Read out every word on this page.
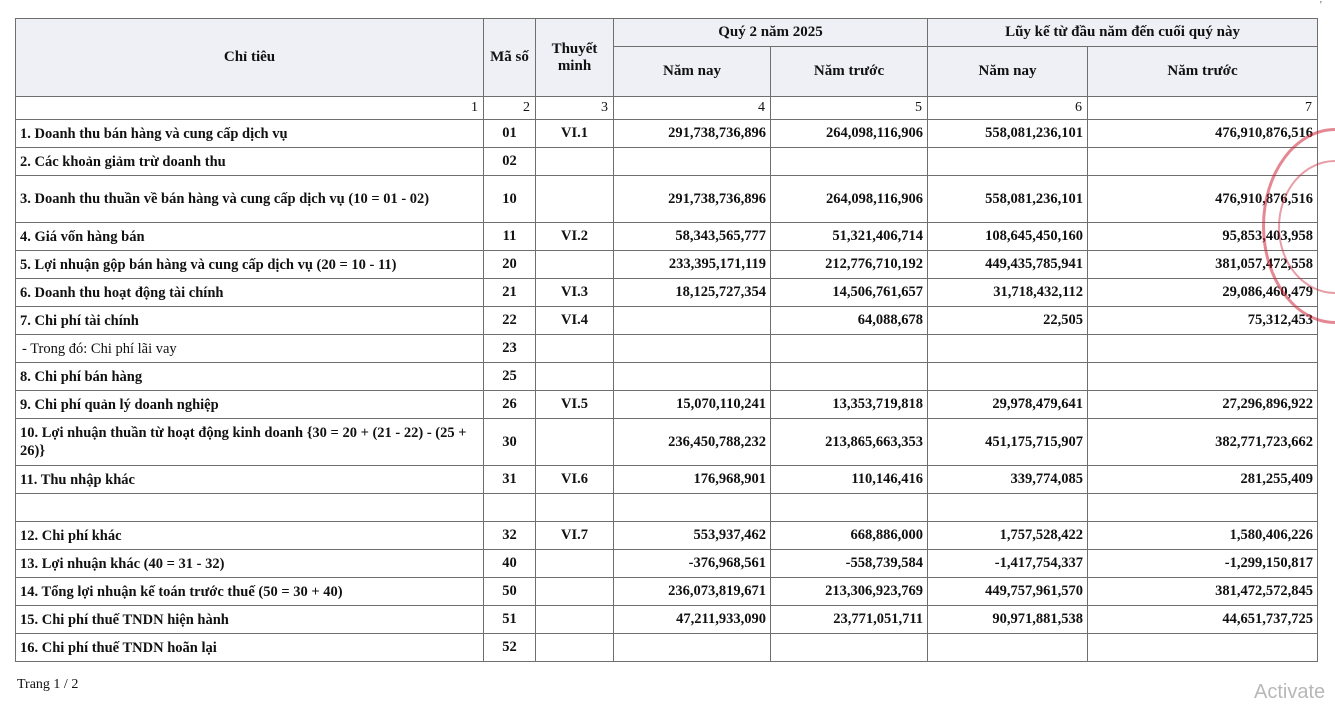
Chỉ tiêu	Mã số	Thuyết minh	Quý 2 năm 2025		Lũy kế từ đầu năm đến cuối quý này	
			Năm nay	Năm trước	Năm nay	Năm trước
1	2	3	4	5	6	7
1. Doanh thu bán hàng và cung cấp dịch vụ	01	VI.1	291,738,736,896	264,098,116,906	558,081,236,101	476,910,876,516
2. Các khoản giảm trừ doanh thu	02					
3. Doanh thu thuần về bán hàng và cung cấp dịch vụ (10 = 01 - 02)	10		291,738,736,896	264,098,116,906	558,081,236,101	476,910,876,516
4. Giá vốn hàng bán	11	VI.2	58,343,565,777	51,321,406,714	108,645,450,160	95,853,403,958
5. Lợi nhuận gộp bán hàng và cung cấp dịch vụ (20 = 10 - 11)	20		233,395,171,119	212,776,710,192	449,435,785,941	381,057,472,558
6. Doanh thu hoạt động tài chính	21	VI.3	18,125,727,354	14,506,761,657	31,718,432,112	29,086,460,479
7. Chi phí tài chính	22	VI.4		64,088,678	22,505	75,312,453
- Trong đó: Chi phí lãi vay	23					
8. Chi phí bán hàng	25					
9. Chi phí quản lý doanh nghiệp	26	VI.5	15,070,110,241	13,353,719,818	29,978,479,641	27,296,896,922
10. Lợi nhuận thuần từ hoạt động kinh doanh {30 = 20 + (21 - 22) - (25 + 26)}	30		236,450,788,232	213,865,663,353	451,175,715,907	382,771,723,662
11. Thu nhập khác	31	VI.6	176,968,901	110,146,416	339,774,085	281,255,409

12. Chi phí khác	32	VI.7	553,937,462	668,886,000	1,757,528,422	1,580,406,226
13. Lợi nhuận khác (40 = 31 - 32)	40		-376,968,561	-558,739,584	-1,417,754,337	-1,299,150,817
14. Tổng lợi nhuận kế toán trước thuế (50 = 30 + 40)	50		236,073,819,671	213,306,923,769	449,757,961,570	381,472,572,845
15. Chi phí thuế TNDN hiện hành	51		47,211,933,090	23,771,051,711	90,971,881,538	44,651,737,725
16. Chi phí thuế TNDN hoãn lại	52					
Trang 1 / 2	Activate
'
